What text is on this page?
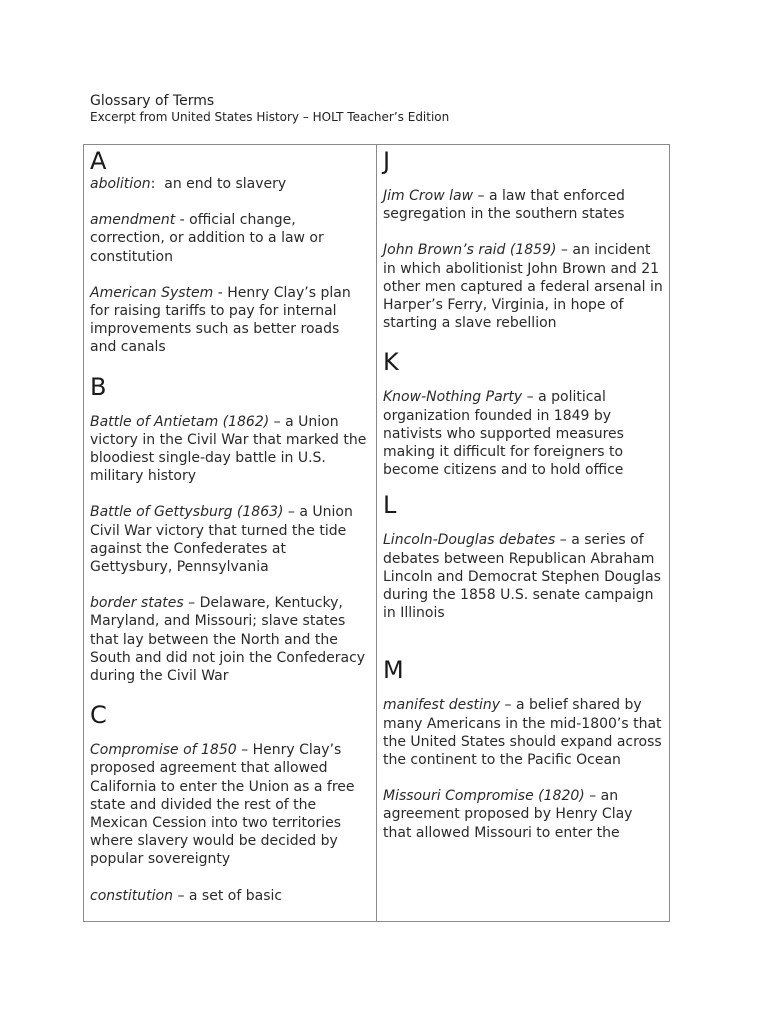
Glossary of Terms
Excerpt from United States History – HOLT Teacher’s Edition
A

abolition:  an end to slavery

amendment - official change, correction, or addition to a law or constitution

American System - Henry Clay’s plan for raising tariffs to pay for internal improvements such as better roads and canals

B

Battle of Antietam (1862) – a Union victory in the Civil War that marked the bloodiest single-day battle in U.S. military history

Battle of Gettysburg (1863) – a Union Civil War victory that turned the tide against the Confederates at Gettysbury, Pennsylvania

border states – Delaware, Kentucky, Maryland, and Missouri; slave states that lay between the North and the South and did not join the Confederacy during the Civil War

C

Compromise of 1850 – Henry Clay’s proposed agreement that allowed California to enter the Union as a free state and divided the rest of the Mexican Cession into two territories where slavery would be decided by popular sovereignty

constitution – a set of basic

J

Jim Crow law – a law that enforced segregation in the southern states

John Brown’s raid (1859) – an incident in which abolitionist John Brown and 21 other men captured a federal arsenal in Harper’s Ferry, Virginia, in hope of starting a slave rebellion

K

Know-Nothing Party – a political organization founded in 1849 by nativists who supported measures making it difficult for foreigners to become citizens and to hold office

L

Lincoln-Douglas debates – a series of debates between Republican Abraham Lincoln and Democrat Stephen Douglas during the 1858 U.S. senate campaign in Illinois

M

manifest destiny – a belief shared by many Americans in the mid-1800’s that the United States should expand across the continent to the Pacific Ocean

Missouri Compromise (1820) – an agreement proposed by Henry Clay that allowed Missouri to enter the
